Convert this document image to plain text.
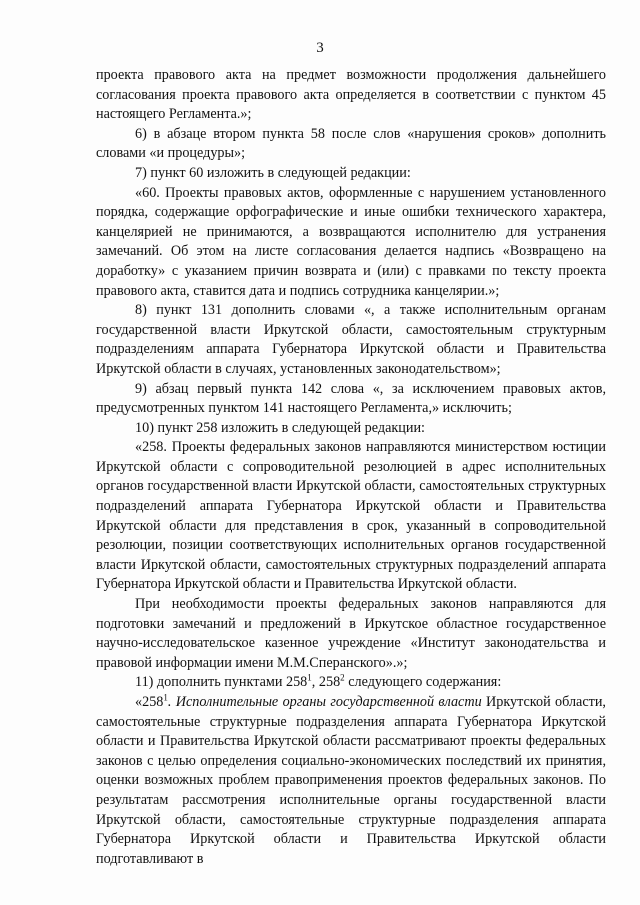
3

проекта правового акта на предмет возможности продолжения дальнейшего согласования проекта правового акта определяется в соответствии с пунктом 45 настоящего Регламента.»;

6) в абзаце втором пункта 58 после слов «нарушения сроков» дополнить словами «и процедуры»;

7) пункт 60 изложить в следующей редакции:

«60. Проекты правовых актов, оформленные с нарушением установленного порядка, содержащие орфографические и иные ошибки технического характера, канцелярией не принимаются, а возвращаются исполнителю для устранения замечаний. Об этом на листе согласования делается надпись «Возвращено на доработку» с указанием причин возврата и (или) с правками по тексту проекта правового акта, ставится дата и подпись сотрудника канцелярии.»;

8) пункт 131 дополнить словами «, а также исполнительным органам государственной власти Иркутской области, самостоятельным структурным подразделениям аппарата Губернатора Иркутской области и Правительства Иркутской области в случаях, установленных законодательством»;

9) абзац первый пункта 142 слова «, за исключением правовых актов, предусмотренных пунктом 141 настоящего Регламента,» исключить;

10) пункт 258 изложить в следующей редакции:

«258. Проекты федеральных законов направляются министерством юстиции Иркутской области с сопроводительной резолюцией в адрес исполнительных органов государственной власти Иркутской области, самостоятельных структурных подразделений аппарата Губернатора Иркутской области и Правительства Иркутской области для представления в срок, указанный в сопроводительной резолюции, позиции соответствующих исполнительных органов государственной власти Иркутской области, самостоятельных структурных подразделений аппарата Губернатора Иркутской области и Правительства Иркутской области.

При необходимости проекты федеральных законов направляются для подготовки замечаний и предложений в Иркутское областное государственное научно-исследовательское казенное учреждение «Институт законодательства и правовой информации имени М.М.Сперанского».»;

11) дополнить пунктами $258^1$, $258^2$ следующего содержания:

«$258^1$. Исполнительные органы государственной власти Иркутской области, самостоятельные структурные подразделения аппарата Губернатора Иркутской области и Правительства Иркутской области рассматривают проекты федеральных законов с целью определения социально-экономических последствий их принятия, оценки возможных проблем правоприменения проектов федеральных законов. По результатам рассмотрения исполнительные органы государственной власти Иркутской области, самостоятельные структурные подразделения аппарата Губернатора Иркутской области и Правительства Иркутской области подготавливают в
